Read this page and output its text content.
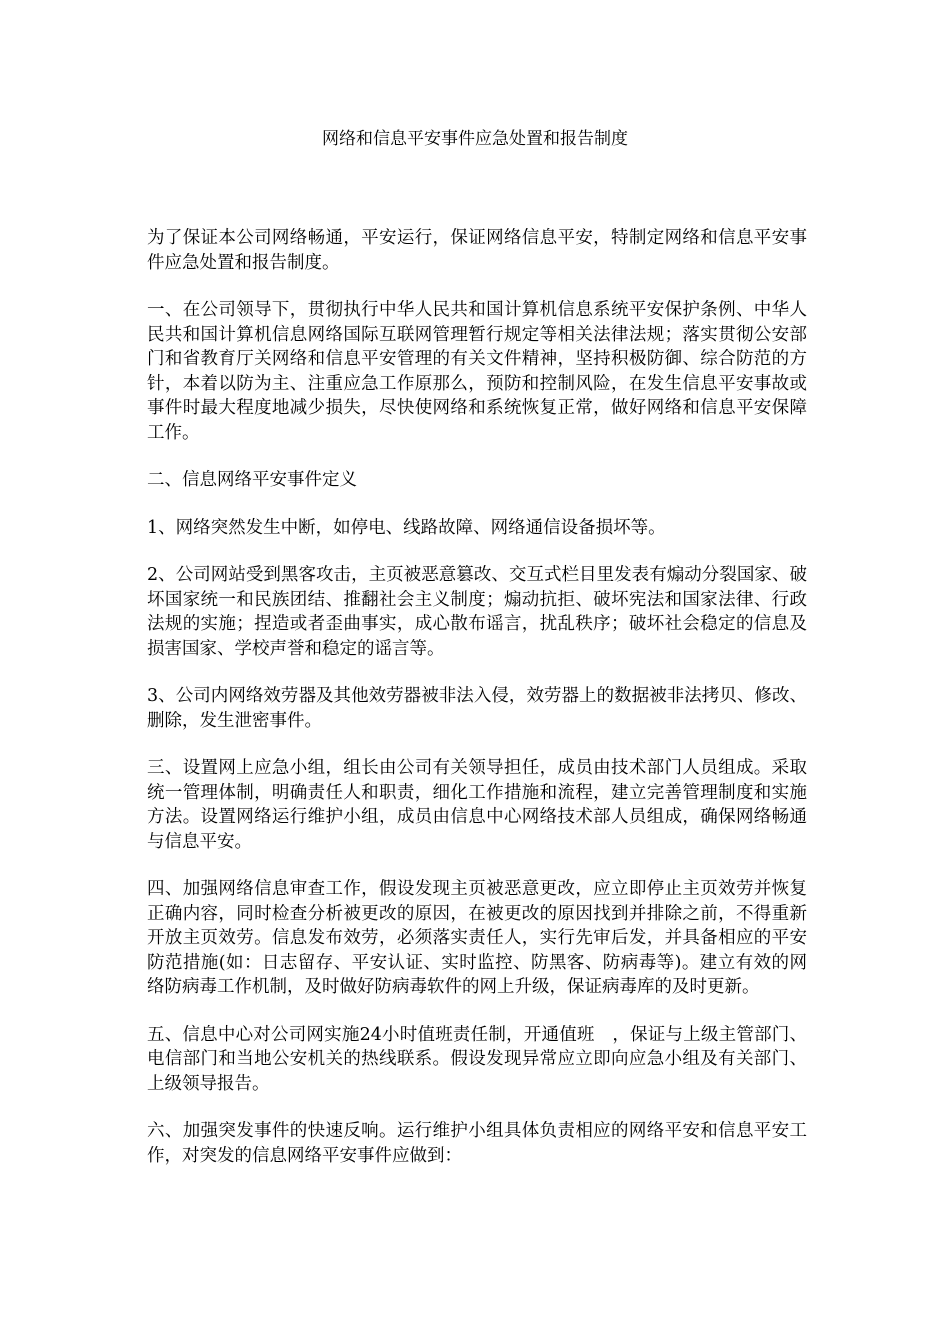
网络和信息平安事件应急处置和报告制度

为了保证本公司网络畅通，平安运行，保证网络信息平安，特制定网络和信息平安事件应急处置和报告制度。

一、在公司领导下，贯彻执行中华人民共和国计算机信息系统平安保护条例、中华人民共和国计算机信息网络国际互联网管理暂行规定等相关法律法规；落实贯彻公安部门和省教育厅关网络和信息平安管理的有关文件精神，坚持积极防御、综合防范的方针，本着以防为主、注重应急工作原那么，预防和控制风险，在发生信息平安事故或事件时最大程度地减少损失，尽快使网络和系统恢复正常，做好网络和信息平安保障工作。

二、信息网络平安事件定义

1、网络突然发生中断，如停电、线路故障、网络通信设备损坏等。

2、公司网站受到黑客攻击，主页被恶意篡改、交互式栏目里发表有煽动分裂国家、破坏国家统一和民族团结、推翻社会主义制度；煽动抗拒、破坏宪法和国家法律、行政法规的实施；捏造或者歪曲事实，成心散布谣言，扰乱秩序；破坏社会稳定的信息及损害国家、学校声誉和稳定的谣言等。

3、公司内网络效劳器及其他效劳器被非法入侵，效劳器上的数据被非法拷贝、修改、删除，发生泄密事件。

三、设置网上应急小组，组长由公司有关领导担任，成员由技术部门人员组成。采取统一管理体制，明确责任人和职责，细化工作措施和流程，建立完善管理制度和实施方法。设置网络运行维护小组，成员由信息中心网络技术部人员组成，确保网络畅通与信息平安。

四、加强网络信息审查工作，假设发现主页被恶意更改，应立即停止主页效劳并恢复正确内容，同时检查分析被更改的原因，在被更改的原因找到并排除之前，不得重新开放主页效劳。信息发布效劳，必须落实责任人，实行先审后发，并具备相应的平安防范措施(如：日志留存、平安认证、实时监控、防黑客、防病毒等)。建立有效的网络防病毒工作机制，及时做好防病毒软件的网上升级，保证病毒库的及时更新。

五、信息中心对公司网实施24小时值班责任制，开通值班　，保证与上级主管部门、电信部门和当地公安机关的热线联系。假设发现异常应立即向应急小组及有关部门、上级领导报告。

六、加强突发事件的快速反响。运行维护小组具体负责相应的网络平安和信息平安工作，对突发的信息网络平安事件应做到：
